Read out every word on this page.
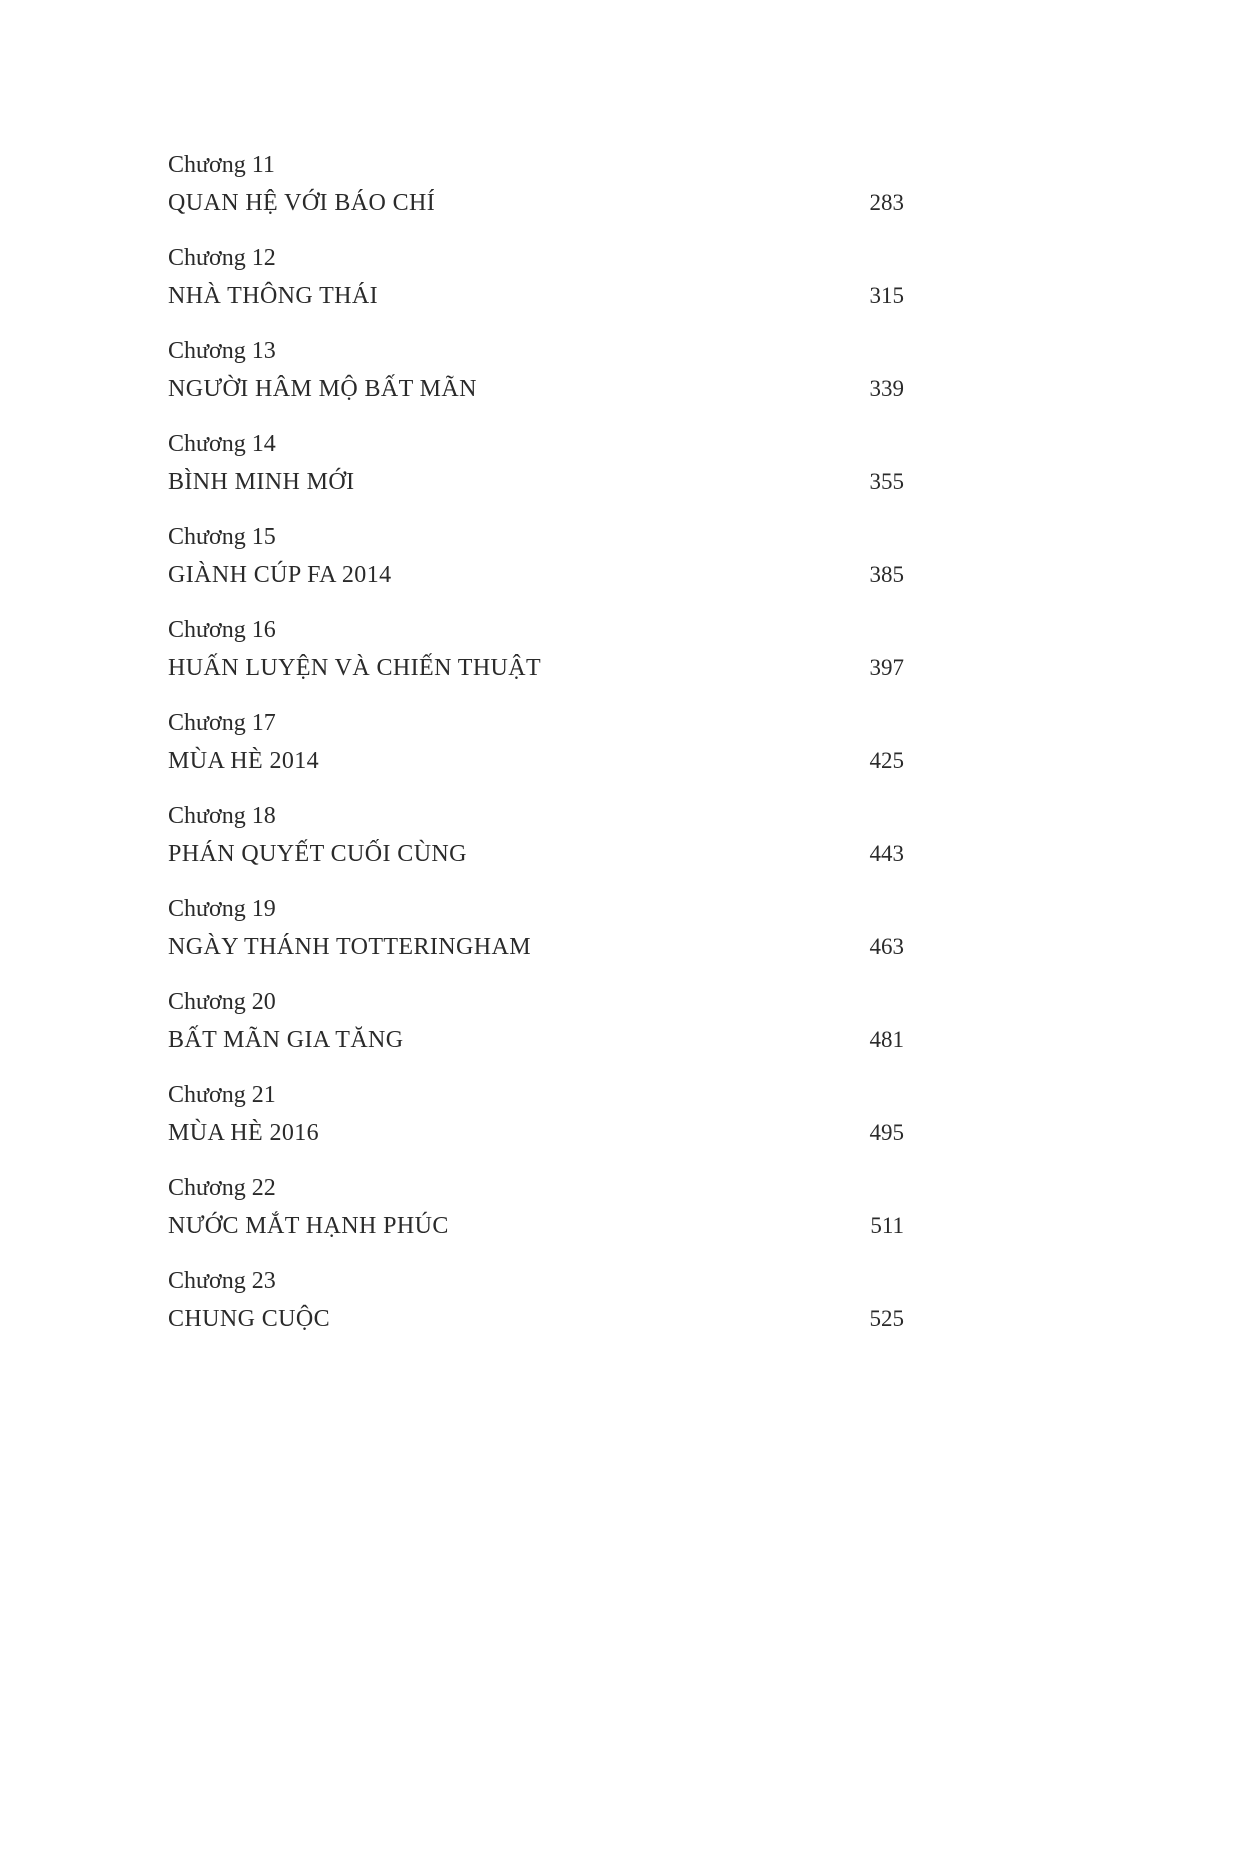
Chương 11
QUAN HỆ VỚI BÁO CHÍ	283
Chương 12
NHÀ THÔNG THÁI	315
Chương 13
NGƯỜI HÂM MỘ BẤT MÃN	339
Chương 14
BÌNH MINH MỚI	355
Chương 15
GIÀNH CÚP FA 2014	385
Chương 16
HUẤN LUYỆN VÀ CHIẾN THUẬT	397
Chương 17
MÙA HÈ 2014	425
Chương 18
PHÁN QUYẾT CUỐI CÙNG	443
Chương 19
NGÀY THÁNH TOTTERINGHAM	463
Chương 20
BẤT MÃN GIA TĂNG	481
Chương 21
MÙA HÈ 2016	495
Chương 22
NƯỚC MẮT HẠNH PHÚC	511
Chương 23
CHUNG CUỘC	525
